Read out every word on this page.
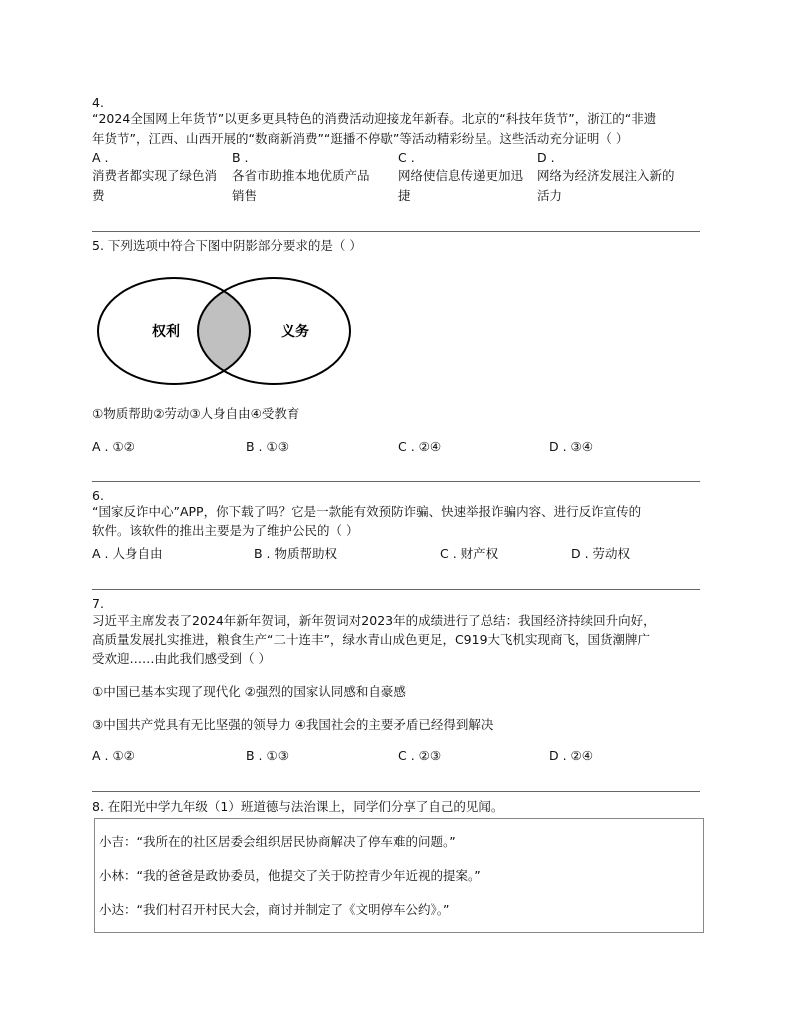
4.
“2024全国网上年货节”以更多更具特色的消费活动迎接龙年新春。北京的“科技年货节”，浙江的“非遗
年货节”，江西、山西开展的“数商新消费”“逛播不停歇”等活动精彩纷呈。这些活动充分证明（ ）
A .
消费者都实现了绿色消
费
B .
各省市助推本地优质产品
销售
C .
网络使信息传递更加迅
捷
D .
网络为经济发展注入新的
活力
5. 下列选项中符合下图中阴影部分要求的是（ ）
权利	义务
①物质帮助②劳动③人身自由④受教育
A . ①②	B . ①③	C . ②④	D . ③④
6.
“国家反诈中心”APP，你下载了吗？它是一款能有效预防诈骗、快速举报诈骗内容、进行反诈宣传的
软件。该软件的推出主要是为了维护公民的（ ）
A . 人身自由	B . 物质帮助权	C . 财产权	D . 劳动权
7.
习近平主席发表了2024年新年贺词，新年贺词对2023年的成绩进行了总结：我国经济持续回升向好，
高质量发展扎实推进，粮食生产“二十连丰”，绿水青山成色更足，C919大飞机实现商飞，国货潮牌广
受欢迎……由此我们感受到（ ）
①中国已基本实现了现代化 ②强烈的国家认同感和自豪感
③中国共产党具有无比坚强的领导力 ④我国社会的主要矛盾已经得到解决
A . ①②	B . ①③	C . ②③	D . ②④
8. 在阳光中学九年级（1）班道德与法治课上，同学们分享了自己的见闻。
小吉：“我所在的社区居委会组织居民协商解决了停车难的问题。”
小林：“我的爸爸是政协委员，他提交了关于防控青少年近视的提案。”
小达：“我们村召开村民大会，商讨并制定了《文明停车公约》。”
